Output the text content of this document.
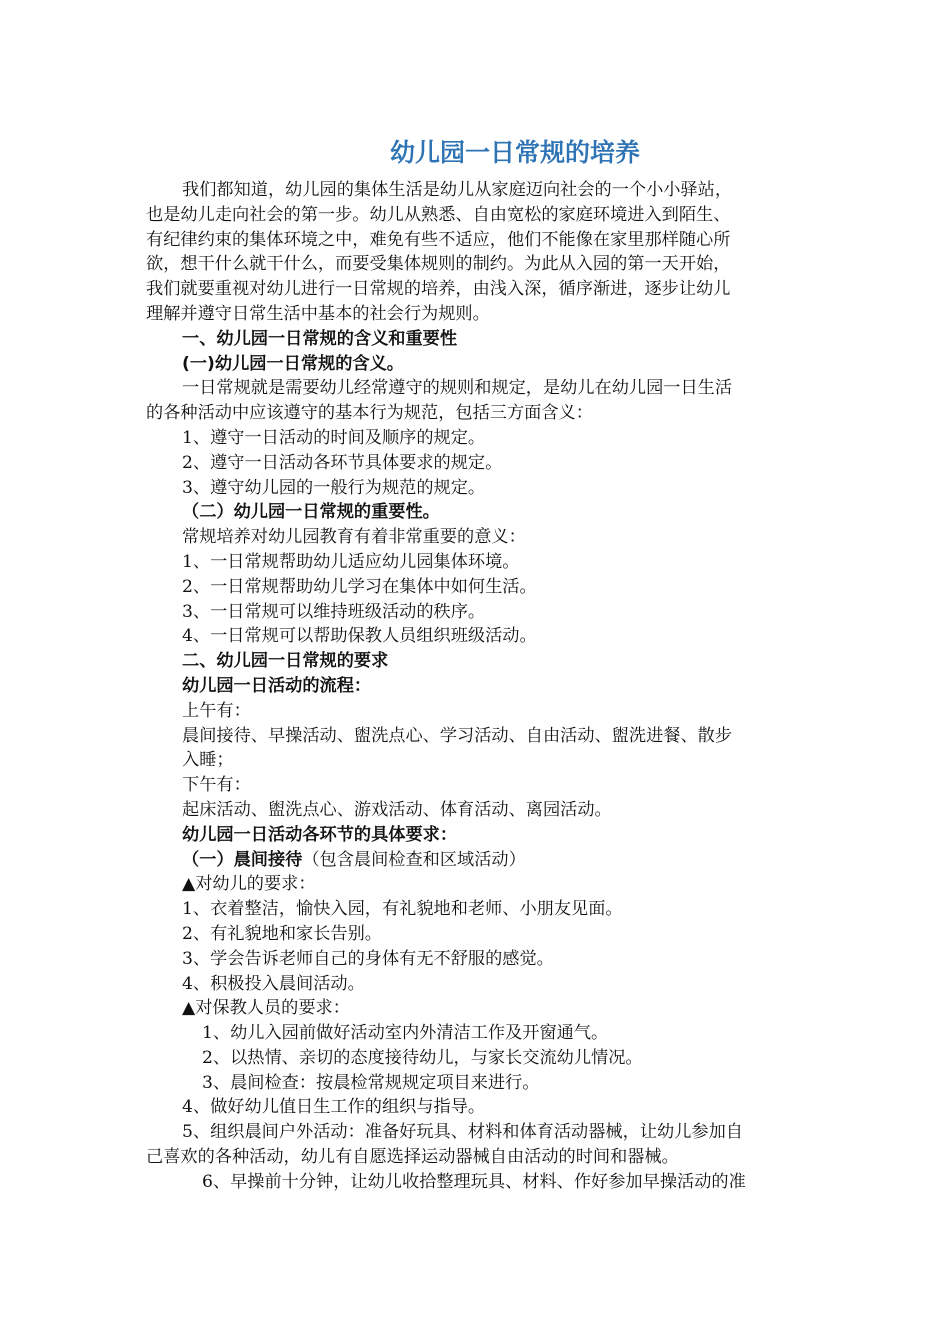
幼儿园一日常规的培养

我们都知道，幼儿园的集体生活是幼儿从家庭迈向社会的一个小小驿站，

也是幼儿走向社会的第一步。幼儿从熟悉、自由宽松的家庭环境进入到陌生、

有纪律约束的集体环境之中，难免有些不适应，他们不能像在家里那样随心所

欲，想干什么就干什么，而要受集体规则的制约。为此从入园的第一天开始，

我们就要重视对幼儿进行一日常规的培养，由浅入深，循序渐进，逐步让幼儿

理解并遵守日常生活中基本的社会行为规则。

一、幼儿园一日常规的含义和重要性

(一)幼儿园一日常规的含义。

一日常规就是需要幼儿经常遵守的规则和规定，是幼儿在幼儿园一日生活

的各种活动中应该遵守的基本行为规范，包括三方面含义：

1、遵守一日活动的时间及顺序的规定。

2、遵守一日活动各环节具体要求的规定。

3、遵守幼儿园的一般行为规范的规定。

（二）幼儿园一日常规的重要性。

常规培养对幼儿园教育有着非常重要的意义：

1、一日常规帮助幼儿适应幼儿园集体环境。

2、一日常规帮助幼儿学习在集体中如何生活。

3、一日常规可以维持班级活动的秩序。

4、一日常规可以帮助保教人员组织班级活动。

二、幼儿园一日常规的要求

幼儿园一日活动的流程：

上午有：

晨间接待、早操活动、盥洗点心、学习活动、自由活动、盥洗进餐、散步

入睡；

下午有：

起床活动、盥洗点心、游戏活动、体育活动、离园活动。

幼儿园一日活动各环节的具体要求：

（一）晨间接待（包含晨间检查和区域活动）

▲对幼儿的要求：

1、衣着整洁，愉快入园，有礼貌地和老师、小朋友见面。

2、有礼貌地和家长告别。

3、学会告诉老师自己的身体有无不舒服的感觉。

4、积极投入晨间活动。

▲对保教人员的要求：

1、幼儿入园前做好活动室内外清洁工作及开窗通气。

2、以热情、亲切的态度接待幼儿，与家长交流幼儿情况。

3、晨间检查：按晨检常规规定项目来进行。

4、做好幼儿值日生工作的组织与指导。

5、组织晨间户外活动：准备好玩具、材料和体育活动器械，让幼儿参加自

己喜欢的各种活动，幼儿有自愿选择运动器械自由活动的时间和器械。

6、早操前十分钟，让幼儿收拾整理玩具、材料、作好参加早操活动的准
